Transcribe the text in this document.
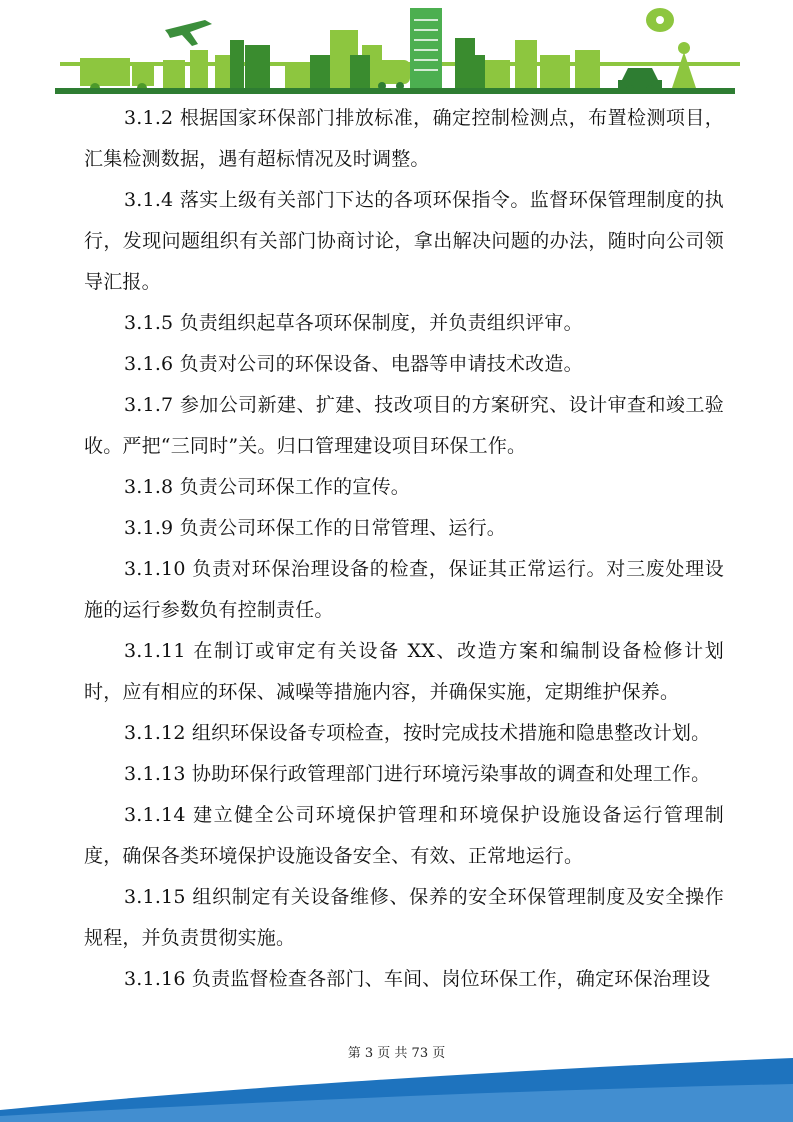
3.1.2 根据国家环保部门排放标准，确定控制检测点，布置检测项目，汇集检测数据，遇有超标情况及时调整。

3.1.4 落实上级有关部门下达的各项环保指令。监督环保管理制度的执行，发现问题组织有关部门协商讨论，拿出解决问题的办法，随时向公司领导汇报。

3.1.5 负责组织起草各项环保制度，并负责组织评审。

3.1.6 负责对公司的环保设备、电器等申请技术改造。

3.1.7 参加公司新建、扩建、技改项目的方案研究、设计审查和竣工验收。严把“三同时”关。归口管理建设项目环保工作。

3.1.8 负责公司环保工作的宣传。

3.1.9 负责公司环保工作的日常管理、运行。

3.1.10 负责对环保治理设备的检查，保证其正常运行。对三废处理设施的运行参数负有控制责任。

3.1.11 在制订或审定有关设备 XX、改造方案和编制设备检修计划时，应有相应的环保、减噪等措施内容，并确保实施，定期维护保养。

3.1.12 组织环保设备专项检查，按时完成技术措施和隐患整改计划。

3.1.13 协助环保行政管理部门进行环境污染事故的调查和处理工作。

3.1.14 建立健全公司环境保护管理和环境保护设施设备运行管理制度，确保各类环境保护设施设备安全、有效、正常地运行。

3.1.15 组织制定有关设备维修、保养的安全环保管理制度及安全操作规程，并负责贯彻实施。

3.1.16 负责监督检查各部门、车间、岗位环保工作，确定环保治理设

第 3 页 共 73 页
